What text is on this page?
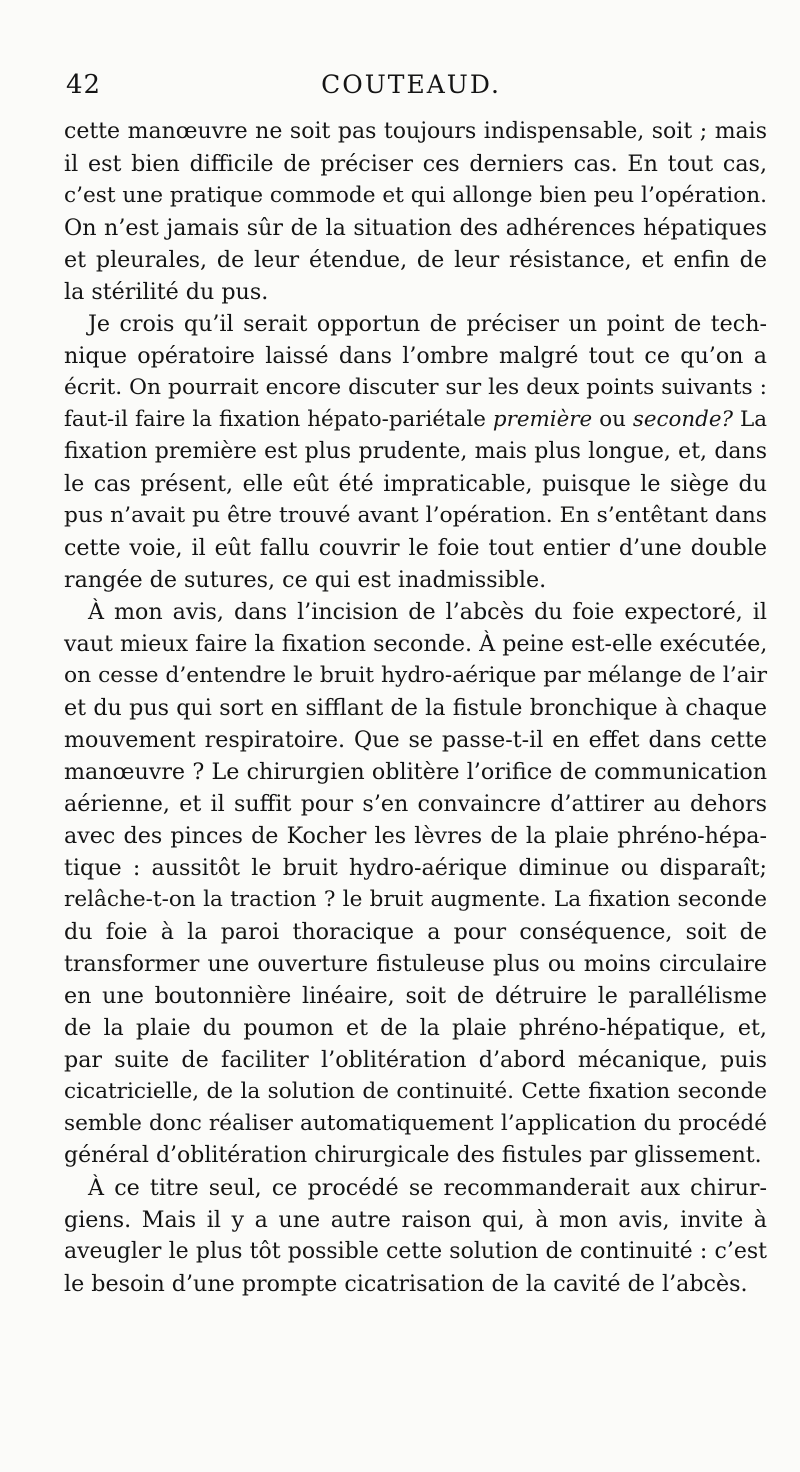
42	COUTEAUD.
cette manœuvre ne soit pas toujours indispensable, soit ; mais
il est bien difficile de préciser ces derniers cas. En tout cas,
c’est une pratique commode et qui allonge bien peu l’opération.
On n’est jamais sûr de la situation des adhérences hépatiques
et pleurales, de leur étendue, de leur résistance, et enfin de
la stérilité du pus.
Je crois qu’il serait opportun de préciser un point de tech-
nique opératoire laissé dans l’ombre malgré tout ce qu’on a
écrit. On pourrait encore discuter sur les deux points suivants :
faut-il faire la fixation hépato-pariétale première ou seconde? La
fixation première est plus prudente, mais plus longue, et, dans
le cas présent, elle eût été impraticable, puisque le siège du
pus n’avait pu être trouvé avant l’opération. En s’entêtant dans
cette voie, il eût fallu couvrir le foie tout entier d’une double
rangée de sutures, ce qui est inadmissible.
À mon avis, dans l’incision de l’abcès du foie expectoré, il
vaut mieux faire la fixation seconde. À peine est-elle exécutée,
on cesse d’entendre le bruit hydro-aérique par mélange de l’air
et du pus qui sort en sifflant de la fistule bronchique à chaque
mouvement respiratoire. Que se passe-t-il en effet dans cette
manœuvre ? Le chirurgien oblitère l’orifice de communication
aérienne, et il suffit pour s’en convaincre d’attirer au dehors
avec des pinces de Kocher les lèvres de la plaie phréno-hépa-
tique : aussitôt le bruit hydro-aérique diminue ou disparaît;
relâche-t-on la traction ? le bruit augmente. La fixation seconde
du foie à la paroi thoracique a pour conséquence, soit de
transformer une ouverture fistuleuse plus ou moins circulaire
en une boutonnière linéaire, soit de détruire le parallélisme
de la plaie du poumon et de la plaie phréno-hépatique, et,
par suite de faciliter l’oblitération d’abord mécanique, puis
cicatricielle, de la solution de continuité. Cette fixation seconde
semble donc réaliser automatiquement l’application du procédé
général d’oblitération chirurgicale des fistules par glissement.
À ce titre seul, ce procédé se recommanderait aux chirur-
giens. Mais il y a une autre raison qui, à mon avis, invite à
aveugler le plus tôt possible cette solution de continuité : c’est
le besoin d’une prompte cicatrisation de la cavité de l’abcès.
